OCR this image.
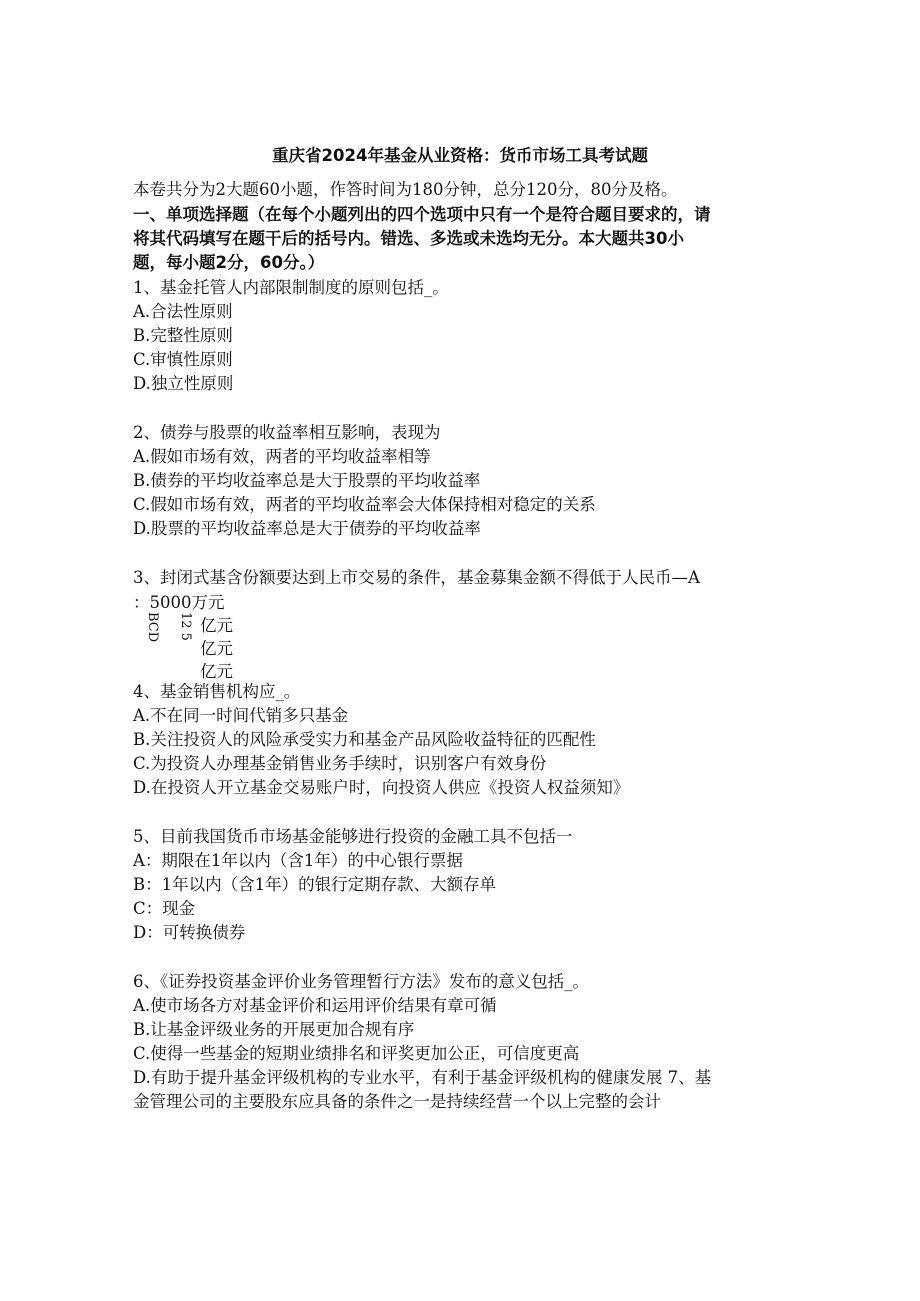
重庆省2024年基金从业资格：货币市场工具考试题
本卷共分为2大题60小题，作答时间为180分钟，总分120分，80分及格。
一、单项选择题（在每个小题列出的四个选项中只有一个是符合题目要求的，请
将其代码填写在题干后的括号内。错选、多选或未选均无分。本大题共30小
题，每小题2分，60分。）
1、基金托管人内部限制制度的原则包括_。
A.合法性原则
B.完整性原则
C.审慎性原则
D.独立性原则
2、债券与股票的收益率相互影响，表现为
A.假如市场有效，两者的平均收益率相等
B.债券的平均收益率总是大于股票的平均收益率
C.假如市场有效，两者的平均收益率会大体保持相对稳定的关系
D.股票的平均收益率总是大于债券的平均收益率
3、封闭式基含份额要达到上市交易的条件，基金募集金额不得低于人民币—A
：5000万元
BCD 12 5 亿元
亿元
亿元
4、基金销售机构应_。
A.不在同一时间代销多只基金
B.关注投资人的风险承受实力和基金产品风险收益特征的匹配性
C.为投资人办理基金销售业务手续时，识别客户有效身份
D.在投资人开立基金交易账户时，向投资人供应《投资人权益须知》
5、目前我国货币市场基金能够进行投资的金融工具不包括一
A：期限在1年以内（含1年）的中心银行票据
B：1年以内（含1年）的银行定期存款、大额存单
C：现金
D：可转换债券
6、《证券投资基金评价业务管理暂行方法》发布的意义包括_。
A.使市场各方对基金评价和运用评价结果有章可循
B.让基金评级业务的开展更加合规有序
C.使得一些基金的短期业绩排名和评奖更加公正，可信度更高
D.有助于提升基金评级机构的专业水平，有利于基金评级机构的健康发展 7、基
金管理公司的主要股东应具备的条件之一是持续经营一个以上完整的会计
